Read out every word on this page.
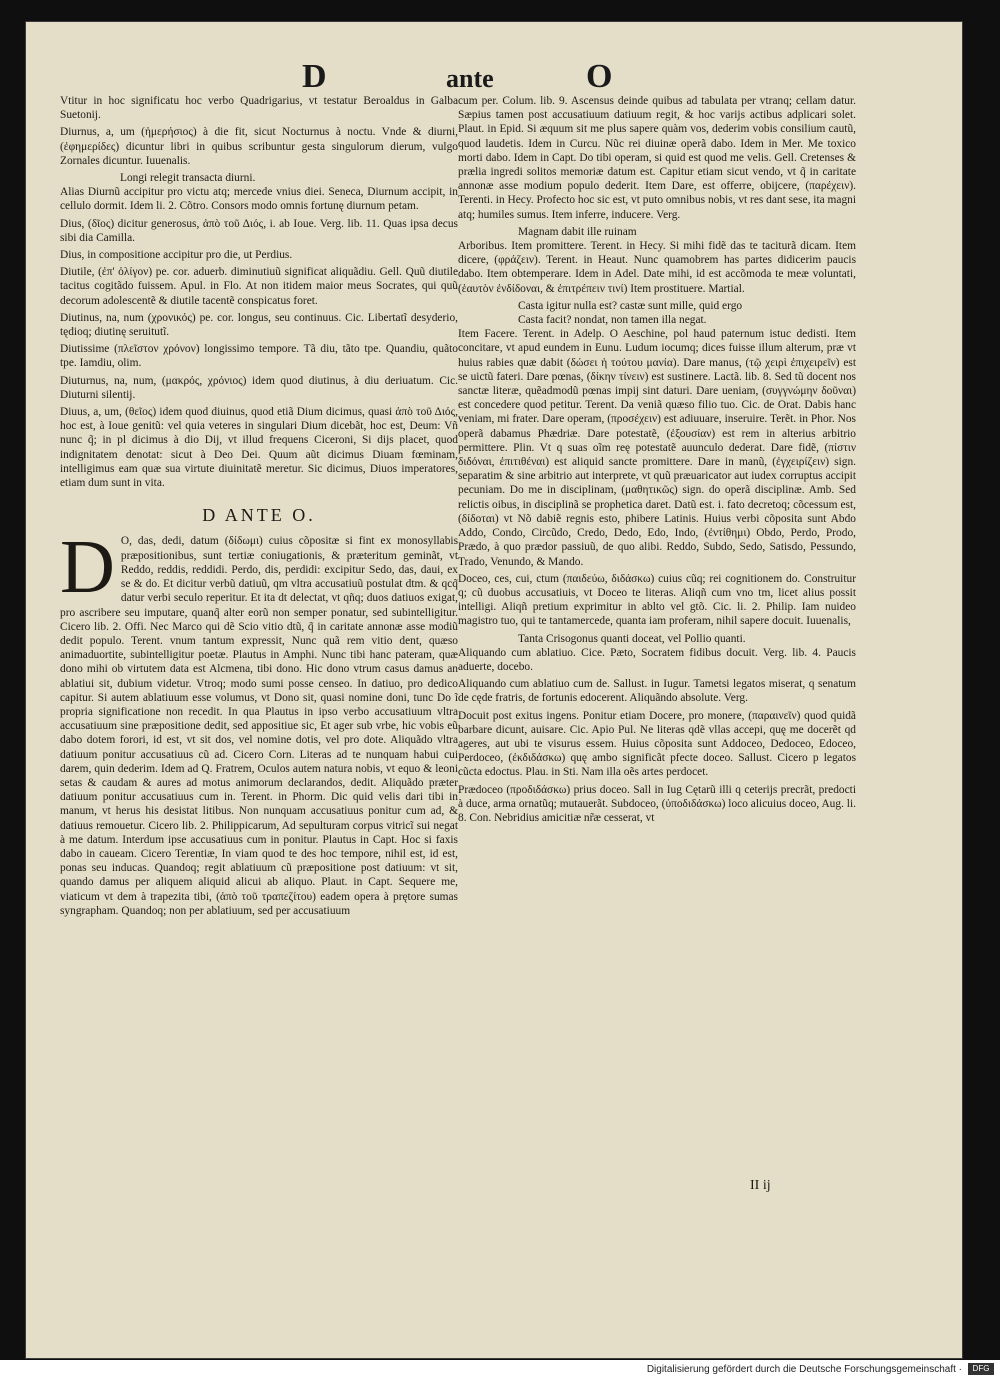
D	ante	O

Vtitur in hoc significatu hoc verbo Quadrigarius, vt testatur Beroaldus in Galba Suetonij.

Diurnus, a, um (ἡμερήσιος) à die fit, sicut Nocturnus à noctu. Vnde & diurni, (ἐφημερίδες) dicuntur libri in quibus scribuntur gesta singulorum dierum, vulgo Zornales dicuntur. Iuuenalis.

Longi relegit transacta diurni.

Alias Diurnũ accipitur pro victu atq; mercede vnius diei. Seneca, Diurnum accipit, in cellulo dormit. Idem li. 2. Cõtro. Consors modo omnis fortunę diurnum petam.

Dius, (δῖος) dicitur generosus, ἀπὸ τοῦ Διός, i. ab Ioue. Verg. lib. 11. Quas ipsa decus sibi dia Camilla.

Dius, in compositione accipitur pro die, ut Perdius.

Diutile, (ἐπ' ὀλίγον) pe. cor. aduerb. diminutiuũ significat aliquãdiu. Gell. Quũ diutile tacitus cogitãdo fuissem. Apul. in Flo. At non itidem maior meus Socrates, qui quũ decorum adolescentẽ & diutile tacentẽ conspicatus foret.

Diutinus, na, num (χρονικός) pe. cor. longus, seu continuus. Cic. Libertatĩ desyderio, tędioq; diutinę seruitutĩ.

Diutissime (πλεῖστον χρόνον) longissimo tempore. Tã diu, tãto tpe. Quandiu, quãto tpe. Iamdiu, olim.

Diuturnus, na, num, (μακρός, χρόνιος) idem quod diutinus, à diu deriuatum. Cic. Diuturni silentij.

Diuus, a, um, (θεῖος) idem quod diuinus, quod etiã Dium dicimus, quasi ἀπὸ τοῦ Διός, hoc est, à Ioue genitũ: vel quia veteres in singulari Dium dicebãt, hoc est, Deum: Vñ nunc q̃; in pl dicimus à dio Dij, vt illud frequens Ciceroni, Si dijs placet, quod indignitatem denotat: sicut à Deo Dei. Quum aũt dicimus Diuam fœminam, intelligimus eam quæ sua virtute diuinitatẽ meretur. Sic dicimus, Diuos imperatores, etiam dum sunt in vita.

D ANTE O.

D O, das, dedi, datum (δίδωμι) cuius cõpositæ si fint ex monosyllabis præpositionibus, sunt tertiæ coniugationis, & præteritum geminãt, vt Reddo, reddis, reddidi. Perdo, dis, perdidi: excipitur Sedo, das, daui, ex se & do. Et dicitur verbũ datiuũ, qm vltra accusatiuũ postulat dtm. & qcq̃ datur verbi seculo reperitur. Et ita dt delectat, vt qñq; duos datiuos exigat, pro ascribere seu imputare, quanq̃ alter eorũ non semper ponatur, sed subintelligitur. Cicero lib. 2. Offi. Nec Marco qui dẽ Scio vitio dtũ, q̃ in caritate annonæ asse modiũ dedit populo. Terent. vnum tantum expressit, Nunc quã rem vitio dent, quæso animaduortite, subintelligitur poetæ. Plautus in Amphi. Nunc tibi hanc pateram, quæ dono mihi ob virtutem data est Alcmena, tibi dono. Hic dono vtrum casus damus an ablatiui sit, dubium videtur. Vtroq; modo sumi posse censeo. In datiuo, pro dedico capitur. Si autem ablatiuum esse volumus, vt Dono sit, quasi nomine doni, tunc Do ĩ propria significatione non recedit. In qua Plautus in ipso verbo accusatiuum vltra accusatiuum sine præpositione dedit, sed appositiue sic, Et ager sub vrbe, hic vobis eũ dabo dotem forori, id est, vt sit dos, vel nomine dotis, vel pro dote. Aliquãdo vltra datiuum ponitur accusatiuus cũ ad. Cicero Corn. Literas ad te nunquam habui cui darem, quin dederim. Idem ad Q. Fratrem, Oculos autem natura nobis, vt equo & leoni setas & caudam & aures ad motus animorum declarandos, dedit. Aliquãdo præter datiuum ponitur accusatiuus cum in. Terent. in Phorm. Dic quid velis dari tibi in manum, vt herus his desistat litibus. Non nunquam accusatiuus ponitur cum ad, & datiuus remouetur. Cicero lib. 2. Philippicarum, Ad sepulturam corpus vitricĩ sui negat à me datum. Interdum ipse accusatiuus cum in ponitur. Plautus in Capt. Hoc si faxis dabo in caueam. Cicero Terentiæ, In viam quod te des hoc tempore, nihil est, id est, ponas seu inducas. Quandoq; regit ablatiuum cũ præpositione post datiuum: vt sit, quando damus per aliquem aliquid alicui ab aliquo. Plaut. in Capt. Sequere me, viaticum vt dem à trapezita tibi, (ἀπὸ τοῦ τραπεζίτου) eadem opera à prętore sumas syngrapham. Quandoq; non per ablatiuum, sed per accusatiuum

cum per. Colum. lib. 9. Ascensus deinde quibus ad tabulata per vtranq; cellam datur. Sæpius tamen post accusatiuum datiuum regit, & hoc varijs actibus adplicari solet. Plaut. in Epid. Si æquum sit me plus sapere quàm vos, dederim vobis consilium cautũ, quod laudetis. Idem in Curcu. Nũc rei diuinæ operã dabo. Idem in Mer. Me toxico morti dabo. Idem in Capt. Do tibi operam, si quid est quod me velis. Gell. Cretenses & prælia ingredi solitos memoriæ datum est. Capitur etiam sicut vendo, vt q̃ in caritate annonæ asse modium populo dederit. Item Dare, est offerre, obijcere, (παρέχειν). Terenti. in Hecy. Profecto hoc sic est, vt puto omnibus nobis, vt res dant sese, ita magni atq; humiles sumus. Item inferre, inducere. Verg.

Magnam dabit ille ruinam

Arboribus. Item promittere. Terent. in Hecy. Si mihi fidẽ das te taciturã dicam. Item dicere, (φράζειν). Terent. in Heaut. Nunc quamobrem has partes didicerim paucis dabo. Item obtemperare. Idem in Adel. Date mihi, id est accõmoda te meæ voluntati, (ἑαυτὸν ἐνδίδοναι, & ἐπιτρέπειν τινί) Item prostituere. Martial.

Casta igitur nulla est? castæ sunt mille, quid ergo

Casta facit? nondat, non tamen illa negat.

Item Facere. Terent. in Adelp. O Aeschine, pol haud paternum istuc dedisti. Item concitare, vt apud eundem in Eunu. Ludum iocumq; dices fuisse illum alterum, præ vt huius rabies quæ dabit (δώσει ἡ τούτου μανία). Dare manus, (τῷ χειρὶ ἐπιχειρεῖν) est se uictũ fateri. Dare pœnas, (δίκην τίνειν) est sustinere. Lactã. lib. 8. Sed tũ docent nos sanctæ literæ, quẽadmodũ pœnas impij sint daturi. Dare ueniam, (συγγνώμην δοῦναι) est concedere quod petitur. Terent. Da veniã quæso filio tuo. Cic. de Orat. Dabis hanc veniam, mi frater. Dare operam, (προσέχειν) est adiuuare, inseruire. Terẽt. in Phor. Nos operã dabamus Phædriæ. Dare potestatẽ, (ἐξουσίαν) est rem in alterius arbitrio permittere. Plin. Vt q suas oĩm reę potestatẽ auunculo dederat. Dare fidẽ, (πίστιν διδόναι, ἐπιτιθέναι) est aliquid sancte promittere. Dare in manũ, (ἐγχειρίζειν) sign. separatim & sine arbitrio aut interprete, vt quũ præuaricator aut iudex corruptus accipit pecuniam. Do me in disciplinam, (μαθητικῶς) sign. do operã disciplinæ. Amb. Sed relictis oibus, in disciplinã se prophetica daret. Datũ est. i. fato decretoq; cõcessum est, (δίδοται) vt Nõ dabiẽ regnis esto, phibere Latinis. Huius verbi cõposita sunt Abdo Addo, Condo, Circũdo, Credo, Dedo, Edo, Indo, (ἐντίθημι) Obdo, Perdo, Prodo, Prædo, à quo prædor passiuũ, de quo alibi. Reddo, Subdo, Sedo, Satisdo, Pessundo, Trado, Venundo, & Mando.

Doceo, ces, cui, ctum (παιδεύω, διδάσκω) cuius cũq; rei cognitionem do. Construitur q; cũ duobus accusatiuis, vt Doceo te literas. Aliqñ cum vno tm, licet alius possit intelligi. Aliqñ pretium exprimitur in ablto vel gtõ. Cic. li. 2. Philip. Iam nuideo magistro tuo, qui te tantamercede, quanta iam proferam, nihil sapere docuit. Iuuenalis,

Tanta Crisogonus quanti doceat, vel Pollio quanti.

Aliquando cum ablatiuo. Cice. Pæto, Socratem fidibus docuit. Verg. lib. 4. Paucis aduerte, docebo.

Aliquando cum ablatiuo cum de. Sallust. in Iugur. Tametsi legatos miserat, q senatum de cęde fratris, de fortunis edocerent. Aliquãndo absolute. Verg.

Docuit post exitus ingens. Ponitur etiam Docere, pro monere, (παραινεῖν) quod quidã barbare dicunt, auisare. Cic. Apio Pul. Ne literas qdẽ vllas accepi, quę me docerẽt qd ageres, aut ubi te visurus essem. Huius cõposita sunt Addoceo, Dedoceo, Edoceo, Perdoceo, (ἐκδιδάσκω) quę ambo significãt pfecte doceo. Sallust. Cicero p legatos cũcta edoctus. Plau. in Sti. Nam illa oẽs artes perdocet.

Prædoceo (προδιδάσκω) prius doceo. Sall in Iug Cętarũ illi q ceterijs precrãt, predocti à duce, arma ornatũq; mutauerãt. Subdoceo, (ὑποδιδάσκω) loco alicuius doceo, Aug. li. 8. Con. Nebridius amicitiæ nr̃æ cesserat, vt

II ij
Digitalisierung gefördert durch die Deutsche Forschungsgemeinschaft ·	DFG
